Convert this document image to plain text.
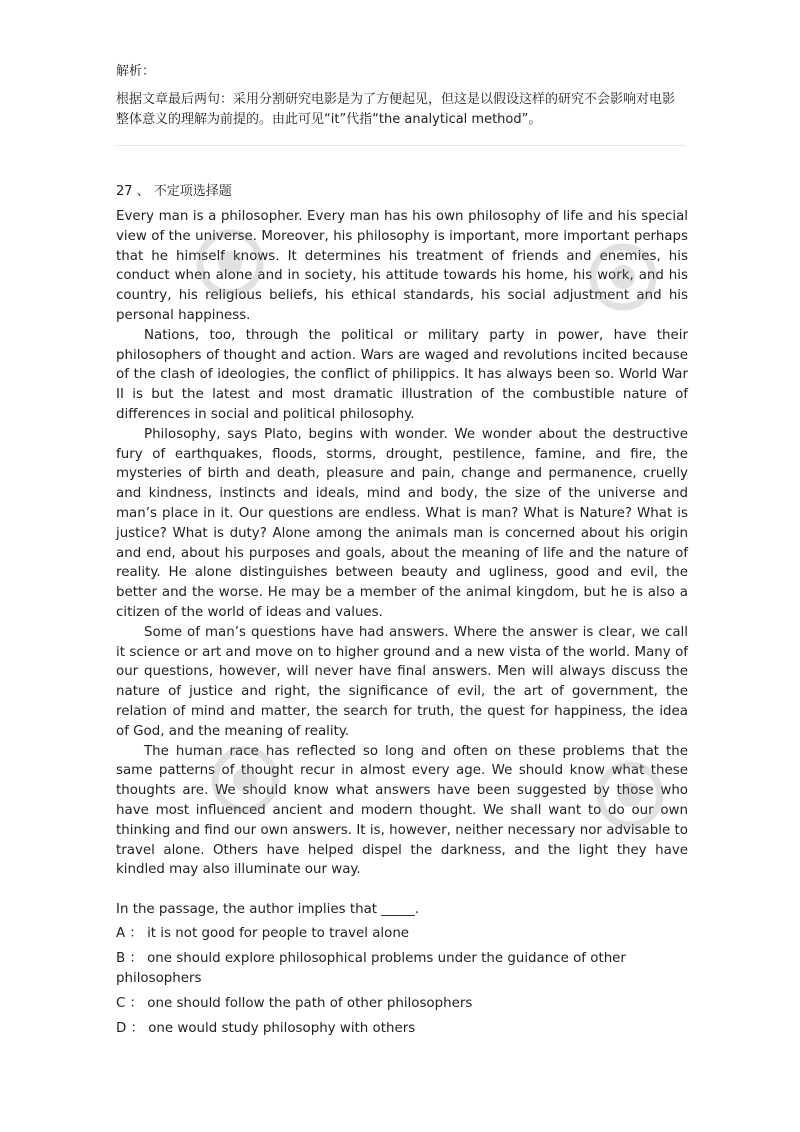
解析：

根据文章最后两句：采用分割研究电影是为了方便起见，但这是以假设这样的研究不会影响对电影整体意义的理解为前提的。由此可见“it”代指“the analytical method”。

27 、 不定项选择题

Every man is a philosopher. Every man has his own philosophy of life and his special view of the universe. Moreover, his philosophy is important, more important perhaps that he himself knows. It determines his treatment of friends and enemies, his conduct when alone and in society, his attitude towards his home, his work, and his country, his religious beliefs, his ethical standards, his social adjustment and his personal happiness.

Nations, too, through the political or military party in power, have their philosophers of thought and action. Wars are waged and revolutions incited because of the clash of ideologies, the conflict of philippics. It has always been so. World War II is but the latest and most dramatic illustration of the combustible nature of differences in social and political philosophy.

Philosophy, says Plato, begins with wonder. We wonder about the destructive fury of earthquakes, floods, storms, drought, pestilence, famine, and fire, the mysteries of birth and death, pleasure and pain, change and permanence, cruelly and kindness, instincts and ideals, mind and body, the size of the universe and man’s place in it. Our questions are endless. What is man? What is Nature? What is justice? What is duty? Alone among the animals man is concerned about his origin and end, about his purposes and goals, about the meaning of life and the nature of reality. He alone distinguishes between beauty and ugliness, good and evil, the better and the worse. He may be a member of the animal kingdom, but he is also a citizen of the world of ideas and values.

Some of man’s questions have had answers. Where the answer is clear, we call it science or art and move on to higher ground and a new vista of the world. Many of our questions, however, will never have final answers. Men will always discuss the nature of justice and right, the significance of evil, the art of government, the relation of mind and matter, the search for truth, the quest for happiness, the idea of God, and the meaning of reality.

The human race has reflected so long and often on these problems that the same patterns of thought recur in almost every age. We should know what these thoughts are. We should know what answers have been suggested by those who have most influenced ancient and modern thought. We shall want to do our own thinking and find our own answers. It is, however, neither necessary nor advisable to travel alone. Others have helped dispel the darkness, and the light they have kindled may also illuminate our way.

In the passage, the author implies that _____.
A ： it is not good for people to travel alone
B ： one should explore philosophical problems under the guidance of other philosophers
C ： one should follow the path of other philosophers
D ： one would study philosophy with others
